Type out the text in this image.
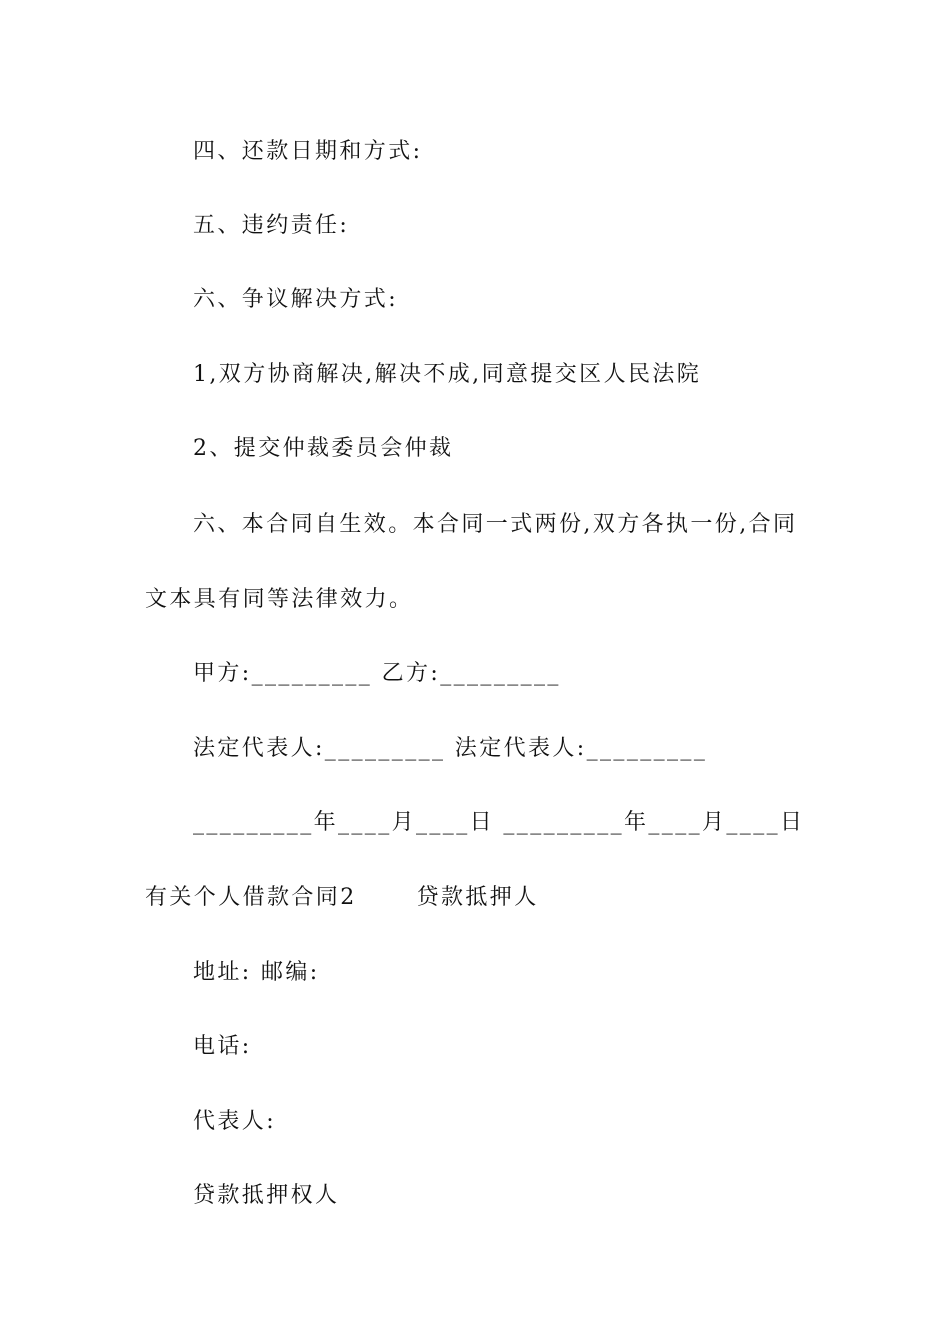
四、还款日期和方式:
五、违约责任:
六、争议解决方式:
1,双方协商解决,解决不成,同意提交区人民法院
2、提交仲裁委员会仲裁
六、本合同自生效。本合同一式两份,双方各执一份,合同
文本具有同等法律效力。
甲方:_________ 乙方:_________
法定代表人:_________ 法定代表人:_________
_________年____月____日 _________年____月____日
有关个人借款合同2	贷款抵押人
地址: 邮编:
电话:
代表人:
贷款抵押权人
